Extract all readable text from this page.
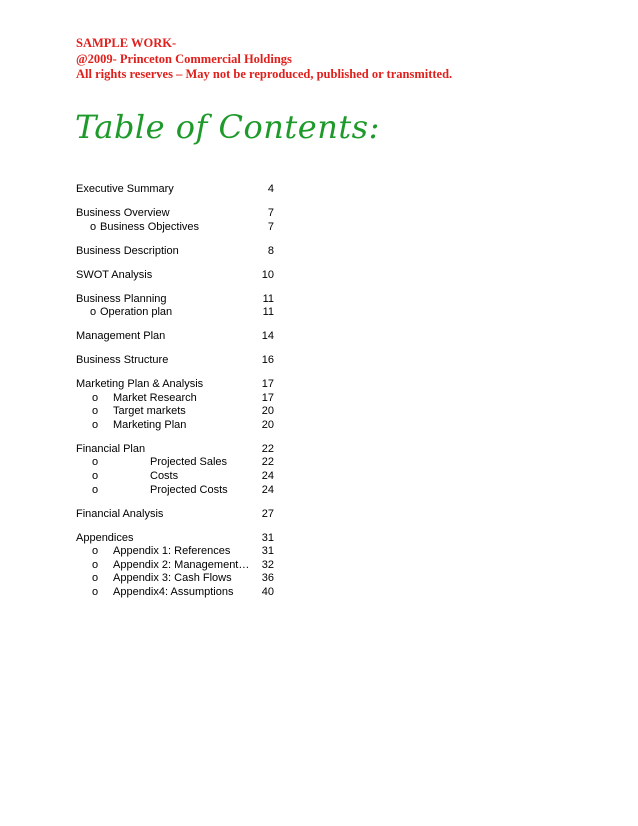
SAMPLE WORK-
@2009- Princeton Commercial Holdings
All rights reserves – May not be reproduced, published or transmitted.
Table of Contents:
Executive Summary	4
Business Overview	7
o Business Objectives	7
Business Description	8
SWOT Analysis	10
Business Planning	11
o Operation plan	11
Management Plan	14
Business Structure	16
Marketing Plan & Analysis	17
o Market Research	17
o Target markets	20
o Marketing Plan	20
Financial Plan	22
o	Projected Sales	22
o	Costs	24
o	Projected Costs	24
Financial Analysis	27
Appendices	31
o Appendix 1: References	31
o Appendix 2: Management… 32
o Appendix 3: Cash Flows	36
o Appendix4: Assumptions	40
